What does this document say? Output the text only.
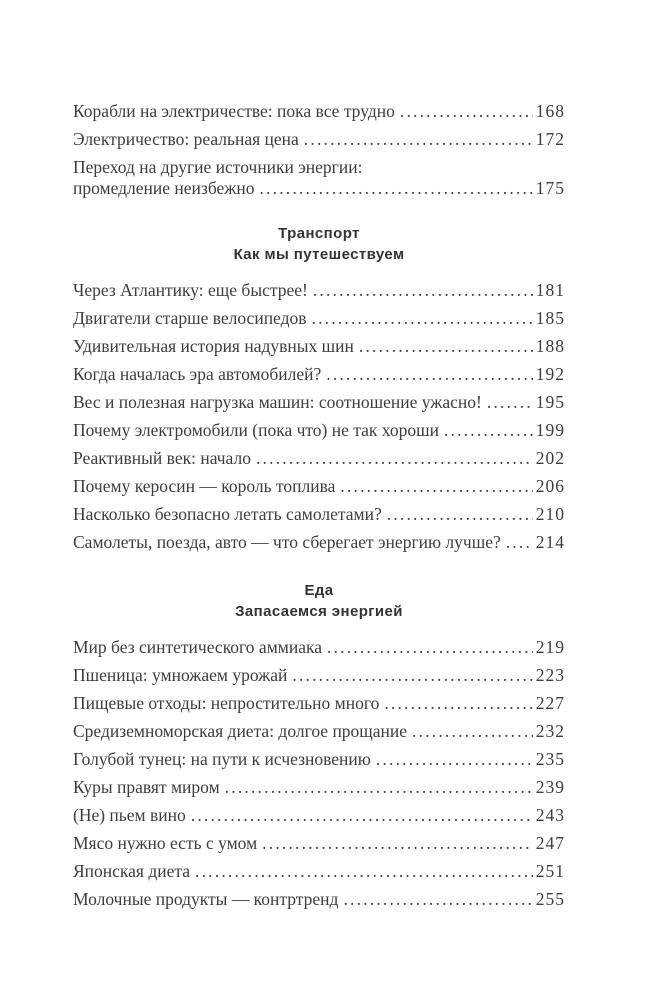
Корабли на электричестве: пока все трудно .....	168
Электричество: реальная цена .....	172
Переход на другие источники энергии:
промедление неизбежно .....	175
Транспорт
Как мы путешествуем
Через Атлантику: еще быстрее! .....	181
Двигатели старше велосипедов .....	185
Удивительная история надувных шин .....	188
Когда началась эра автомобилей? .....	192
Вес и полезная нагрузка машин: соотношение ужасно! .....	195
Почему электромобили (пока что) не так хороши .....	199
Реактивный век: начало .....	202
Почему керосин — король топлива .....	206
Насколько безопасно летать самолетами? .....	210
Самолеты, поезда, авто — что сберегает энергию лучше? ..... 214
Еда
Запасаемся энергией
Мир без синтетического аммиака .....	219
Пшеница: умножаем урожай .....	223
Пищевые отходы: непростительно много .....	227
Средиземноморская диета: долгое прощание .....	232
Голубой тунец: на пути к исчезновению .....	235
Куры правят миром .....	239
(Не) пьем вино .....	243
Мясо нужно есть с умом .....	247
Японская диета .....	251
Молочные продукты — контртренд .....	255
